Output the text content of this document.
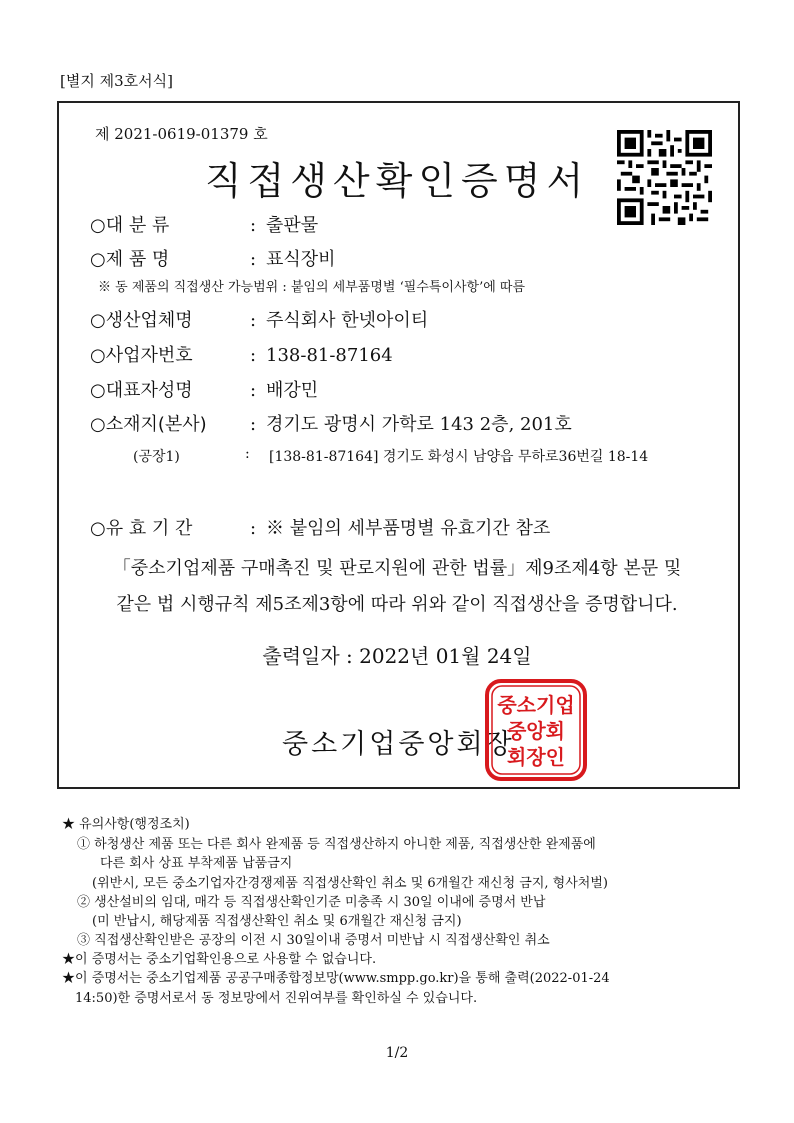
[별지 제3호서식]
제 2021-0619-01379 호
직접생산확인증명서
○대 분 류	: 출판물
○제 품 명	: 표식장비
※ 동 제품의 직접생산 가능범위 : 붙임의 세부품명별 ‘필수특이사항’에 따름
○생산업체명	: 주식회사 한넷아이티
○사업자번호	: 138-81-87164
○대표자성명	: 배강민
○소재지(본사)	: 경기도 광명시 가학로 143 2층, 201호
(공장1)	:	[138-81-87164] 경기도 화성시 남양읍 무하로36번길 18-14
○유 효 기 간	: ※ 붙임의 세부품명별 유효기간 참조
「중소기업제품 구매촉진 및 판로지원에 관한 법률」제9조제4항 본문 및
같은 법 시행규칙 제5조제3항에 따라 위와 같이 직접생산을 증명합니다.
출력일자 : 2022년 01월 24일
중소기업중앙회장
중소기업
중앙회
회장인
★ 유의사항(행정조치)
① 하청생산 제품 또는 다른 회사 완제품 등 직접생산하지 아니한 제품, 직접생산한 완제품에
다른 회사 상표 부착제품 납품금지
(위반시, 모든 중소기업자간경쟁제품 직접생산확인 취소 및 6개월간 재신청 금지, 형사처벌)
② 생산설비의 임대, 매각 등 직접생산확인기준 미충족 시 30일 이내에 증명서 반납
(미 반납시, 해당제품 직접생산확인 취소 및 6개월간 재신청 금지)
③ 직접생산확인받은 공장의 이전 시 30일이내 증명서 미반납 시 직접생산확인 취소
★이 증명서는 중소기업확인용으로 사용할 수 없습니다.
★이 증명서는 중소기업제품 공공구매종합정보망(www.smpp.go.kr)을 통해 출력(2022-01-24
14:50)한 증명서로서 동 정보망에서 진위여부를 확인하실 수 있습니다.
1/2
